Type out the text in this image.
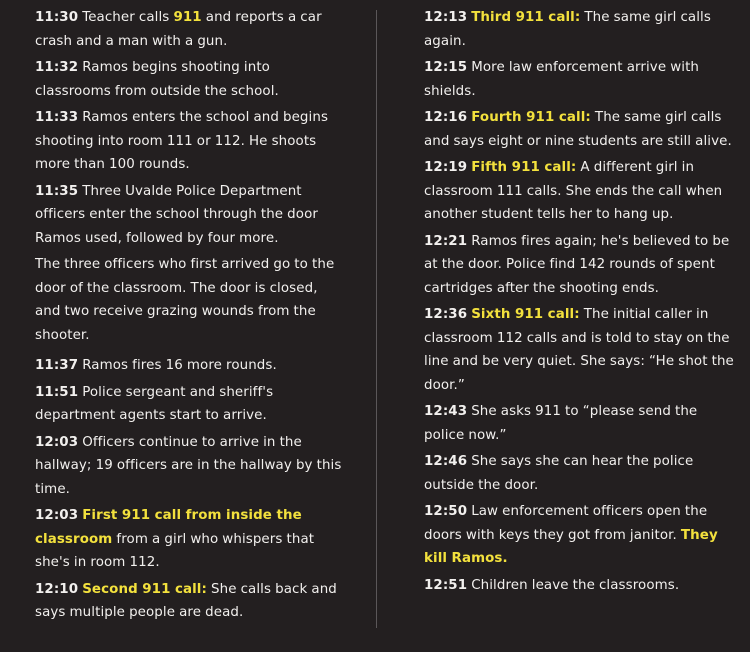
11:30 Teacher calls 911 and reports a car crash and a man with a gun.
11:32 Ramos begins shooting into classrooms from outside the school.
11:33 Ramos enters the school and begins shooting into room 111 or 112. He shoots more than 100 rounds.
11:35 Three Uvalde Police Department officers enter the school through the door Ramos used, followed by four more.
The three officers who first arrived go to the door of the classroom. The door is closed, and two receive grazing wounds from the shooter.
11:37 Ramos fires 16 more rounds.
11:51 Police sergeant and sheriff's department agents start to arrive.
12:03 Officers continue to arrive in the hallway; 19 officers are in the hallway by this time.
12:03 First 911 call from inside the classroom from a girl who whispers that she's in room 112.
12:10 Second 911 call: She calls back and says multiple people are dead.
12:13 Third 911 call: The same girl calls again.
12:15 More law enforcement arrive with shields.
12:16 Fourth 911 call: The same girl calls and says eight or nine students are still alive.
12:19 Fifth 911 call: A different girl in classroom 111 calls. She ends the call when another student tells her to hang up.
12:21 Ramos fires again; he's believed to be at the door. Police find 142 rounds of spent cartridges after the shooting ends.
12:36 Sixth 911 call: The initial caller in classroom 112 calls and is told to stay on the line and be very quiet. She says: “He shot the door.”
12:43 She asks 911 to “please send the police now.”
12:46 She says she can hear the police outside the door.
12:50 Law enforcement officers open the doors with keys they got from janitor. They kill Ramos.
12:51 Children leave the classrooms.
